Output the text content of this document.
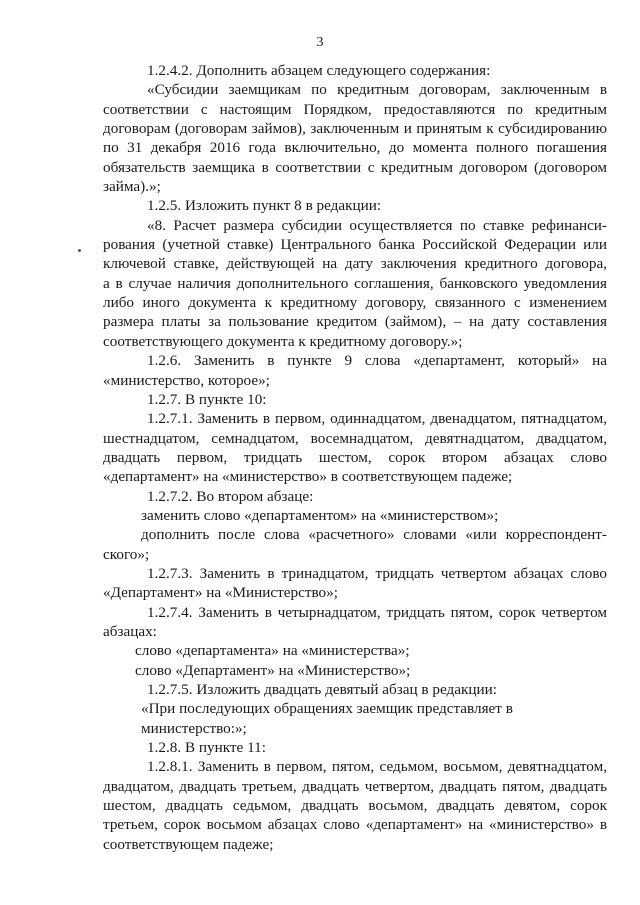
3

1.2.4.2. Дополнить абзацем следующего содержания:

«Субсидии заемщикам по кредитным договорам, заключенным в

соответствии с настоящим Порядком, предоставляются по кредитным

договорам (договорам займов), заключенным и принятым к субсидированию

по 31 декабря 2016 года включительно, до момента полного погашения

обязательств заемщика в соответствии с кредитным договором (договором

займа).»;

1.2.5. Изложить пункт 8 в редакции:

«8. Расчет размера субсидии осуществляется по ставке рефинанси-

рования (учетной ставке) Центрального банка Российской Федерации или

ключевой ставке, действующей на дату заключения кредитного договора,

а в случае наличия дополнительного соглашения, банковского уведомления

либо иного документа к кредитному договору, связанного с изменением

размера платы за пользование кредитом (займом), – на дату составления

соответствующего документа к кредитному договору.»;

1.2.6. Заменить в пункте 9 слова «департамент, который» на

«министерство, которое»;

1.2.7. В пункте 10:

1.2.7.1. Заменить в первом, одиннадцатом, двенадцатом, пятнадцатом,

шестнадцатом, семнадцатом, восемнадцатом, девятнадцатом, двадцатом,

двадцать первом, тридцать шестом, сорок втором абзацах слово

«департамент» на «министерство» в соответствующем падеже;

1.2.7.2. Во втором абзаце:

заменить слово «департаментом» на «министерством»;

дополнить после слова «расчетного» словами «или корреспондент-

ского»;

1.2.7.3. Заменить в тринадцатом, тридцать четвертом абзацах слово

«Департамент» на «Министерство»;

1.2.7.4. Заменить в четырнадцатом, тридцать пятом, сорок четвертом

абзацах:

слово «департамента» на «министерства»;

слово «Департамент» на «Министерство»;

1.2.7.5. Изложить двадцать девятый абзац в редакции:

«При последующих обращениях заемщик представляет в министерство:»;

1.2.8. В пункте 11:

1.2.8.1. Заменить в первом, пятом, седьмом, восьмом, девятнадцатом,

двадцатом, двадцать третьем, двадцать четвертом, двадцать пятом, двадцать

шестом, двадцать седьмом, двадцать восьмом, двадцать девятом, сорок

третьем, сорок восьмом абзацах слово «департамент» на «министерство» в

соответствующем падеже;
